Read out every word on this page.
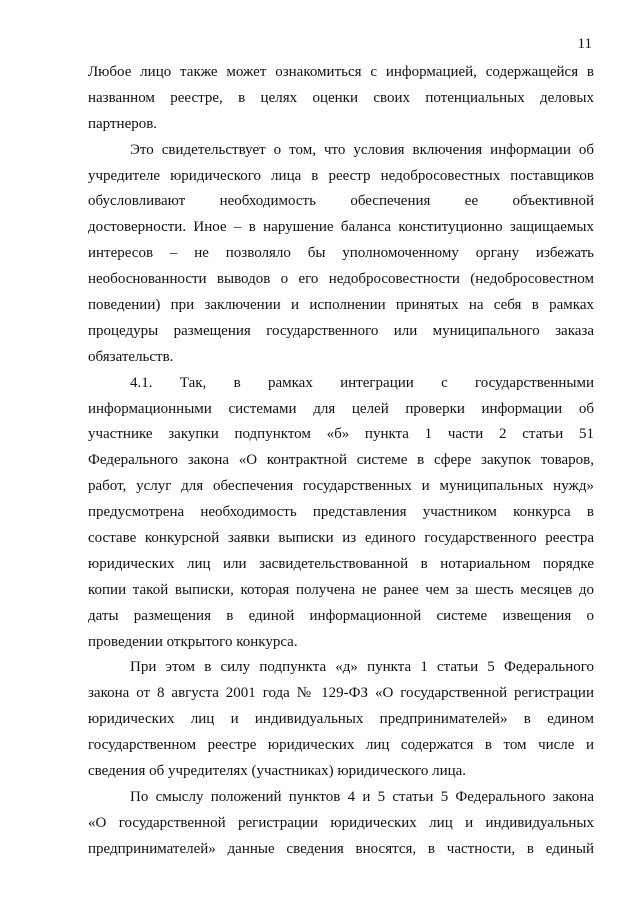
11
Любое лицо также может ознакомиться с информацией, содержащейся в
названном реестре, в целях оценки своих потенциальных деловых
партнеров.
Это свидетельствует о том, что условия включения информации об
учредителе юридического лица в реестр недобросовестных поставщиков
обусловливают необходимость обеспечения ее объективной
достоверности. Иное – в нарушение баланса конституционно защищаемых
интересов – не позволяло бы уполномоченному органу избежать
необоснованности выводов о его недобросовестности (недобросовестном
поведении) при заключении и исполнении принятых на себя в рамках
процедуры размещения государственного или муниципального заказа
обязательств.
4.1. Так, в рамках интеграции с государственными
информационными системами для целей проверки информации об
участнике закупки подпунктом «б» пункта 1 части 2 статьи 51
Федерального закона «О контрактной системе в сфере закупок товаров,
работ, услуг для обеспечения государственных и муниципальных нужд»
предусмотрена необходимость представления участником конкурса в
составе конкурсной заявки выписки из единого государственного реестра
юридических лиц или засвидетельствованной в нотариальном порядке
копии такой выписки, которая получена не ранее чем за шесть месяцев до
даты размещения в единой информационной системе извещения о
проведении открытого конкурса.
При этом в силу подпункта «д» пункта 1 статьи 5 Федерального
закона от 8 августа 2001 года № 129-ФЗ «О государственной регистрации
юридических лиц и индивидуальных предпринимателей» в едином
государственном реестре юридических лиц содержатся в том числе и
сведения об учредителях (участниках) юридического лица.
По смыслу положений пунктов 4 и 5 статьи 5 Федерального закона
«О государственной регистрации юридических лиц и индивидуальных
предпринимателей» данные сведения вносятся, в частности, в единый
